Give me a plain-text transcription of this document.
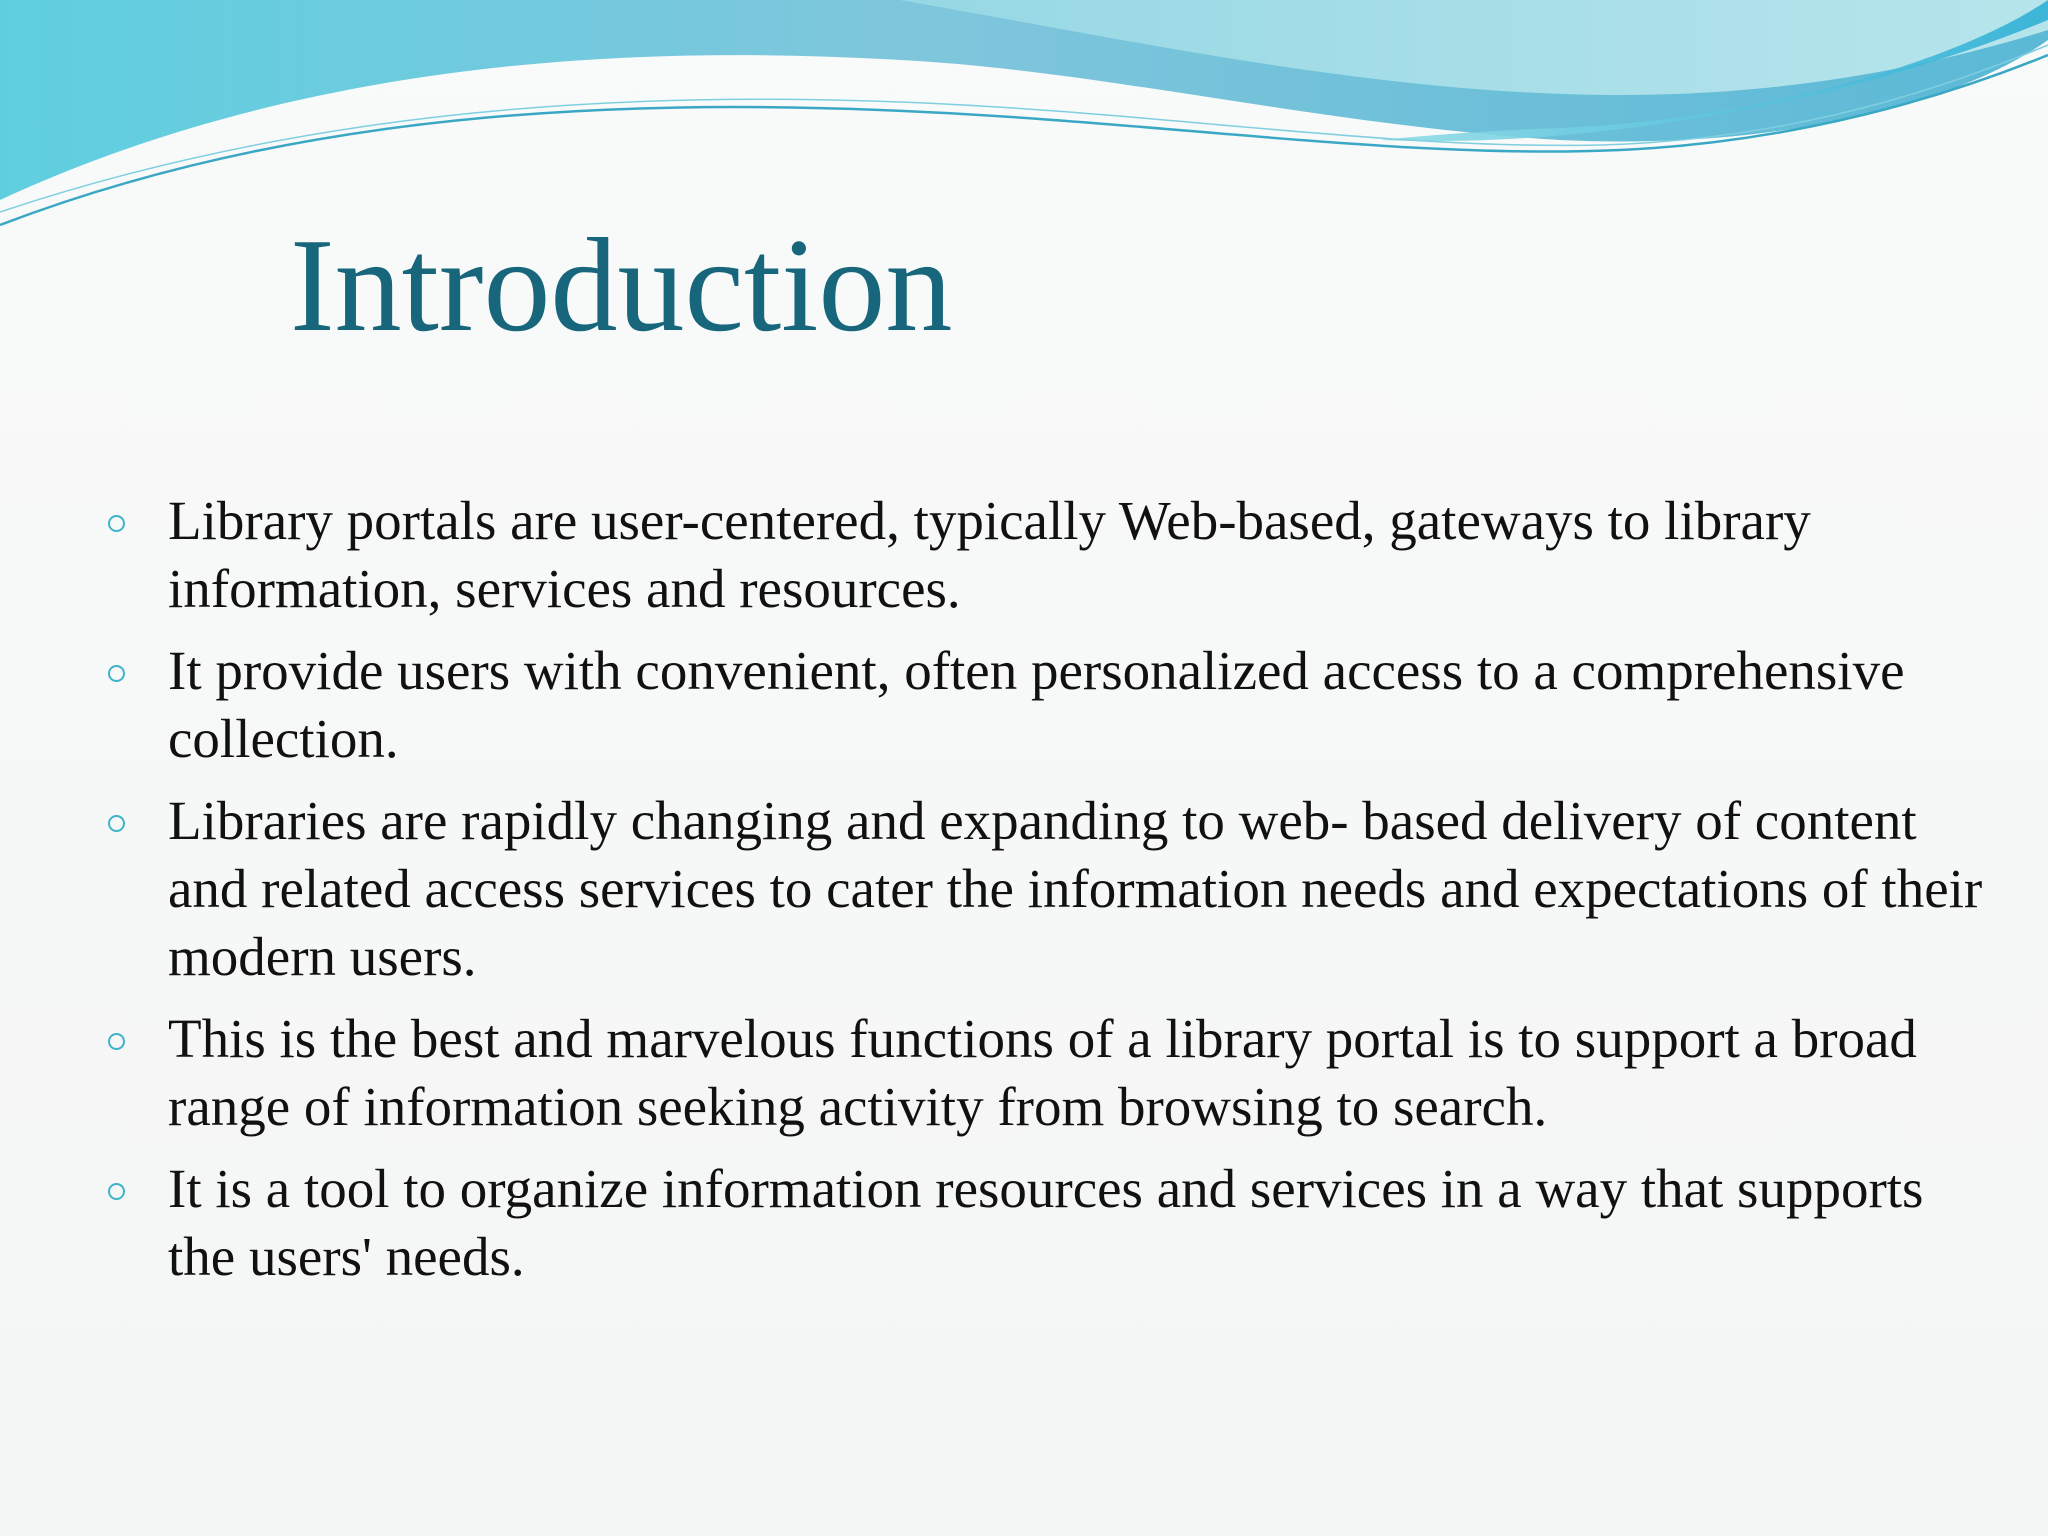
Introduction
Library portals are user-centered, typically Web-based, gateways to library information, services and resources.
It provide users with convenient, often personalized access to a comprehensive collection.
Libraries are rapidly changing and expanding to web- based delivery of content and related access services to cater the information needs and expectations of their modern users.
This is the best and marvelous functions of a library portal is to support a broad range of information seeking activity from browsing to search.
It is a tool to organize information resources and services in a way that supports the users' needs.
